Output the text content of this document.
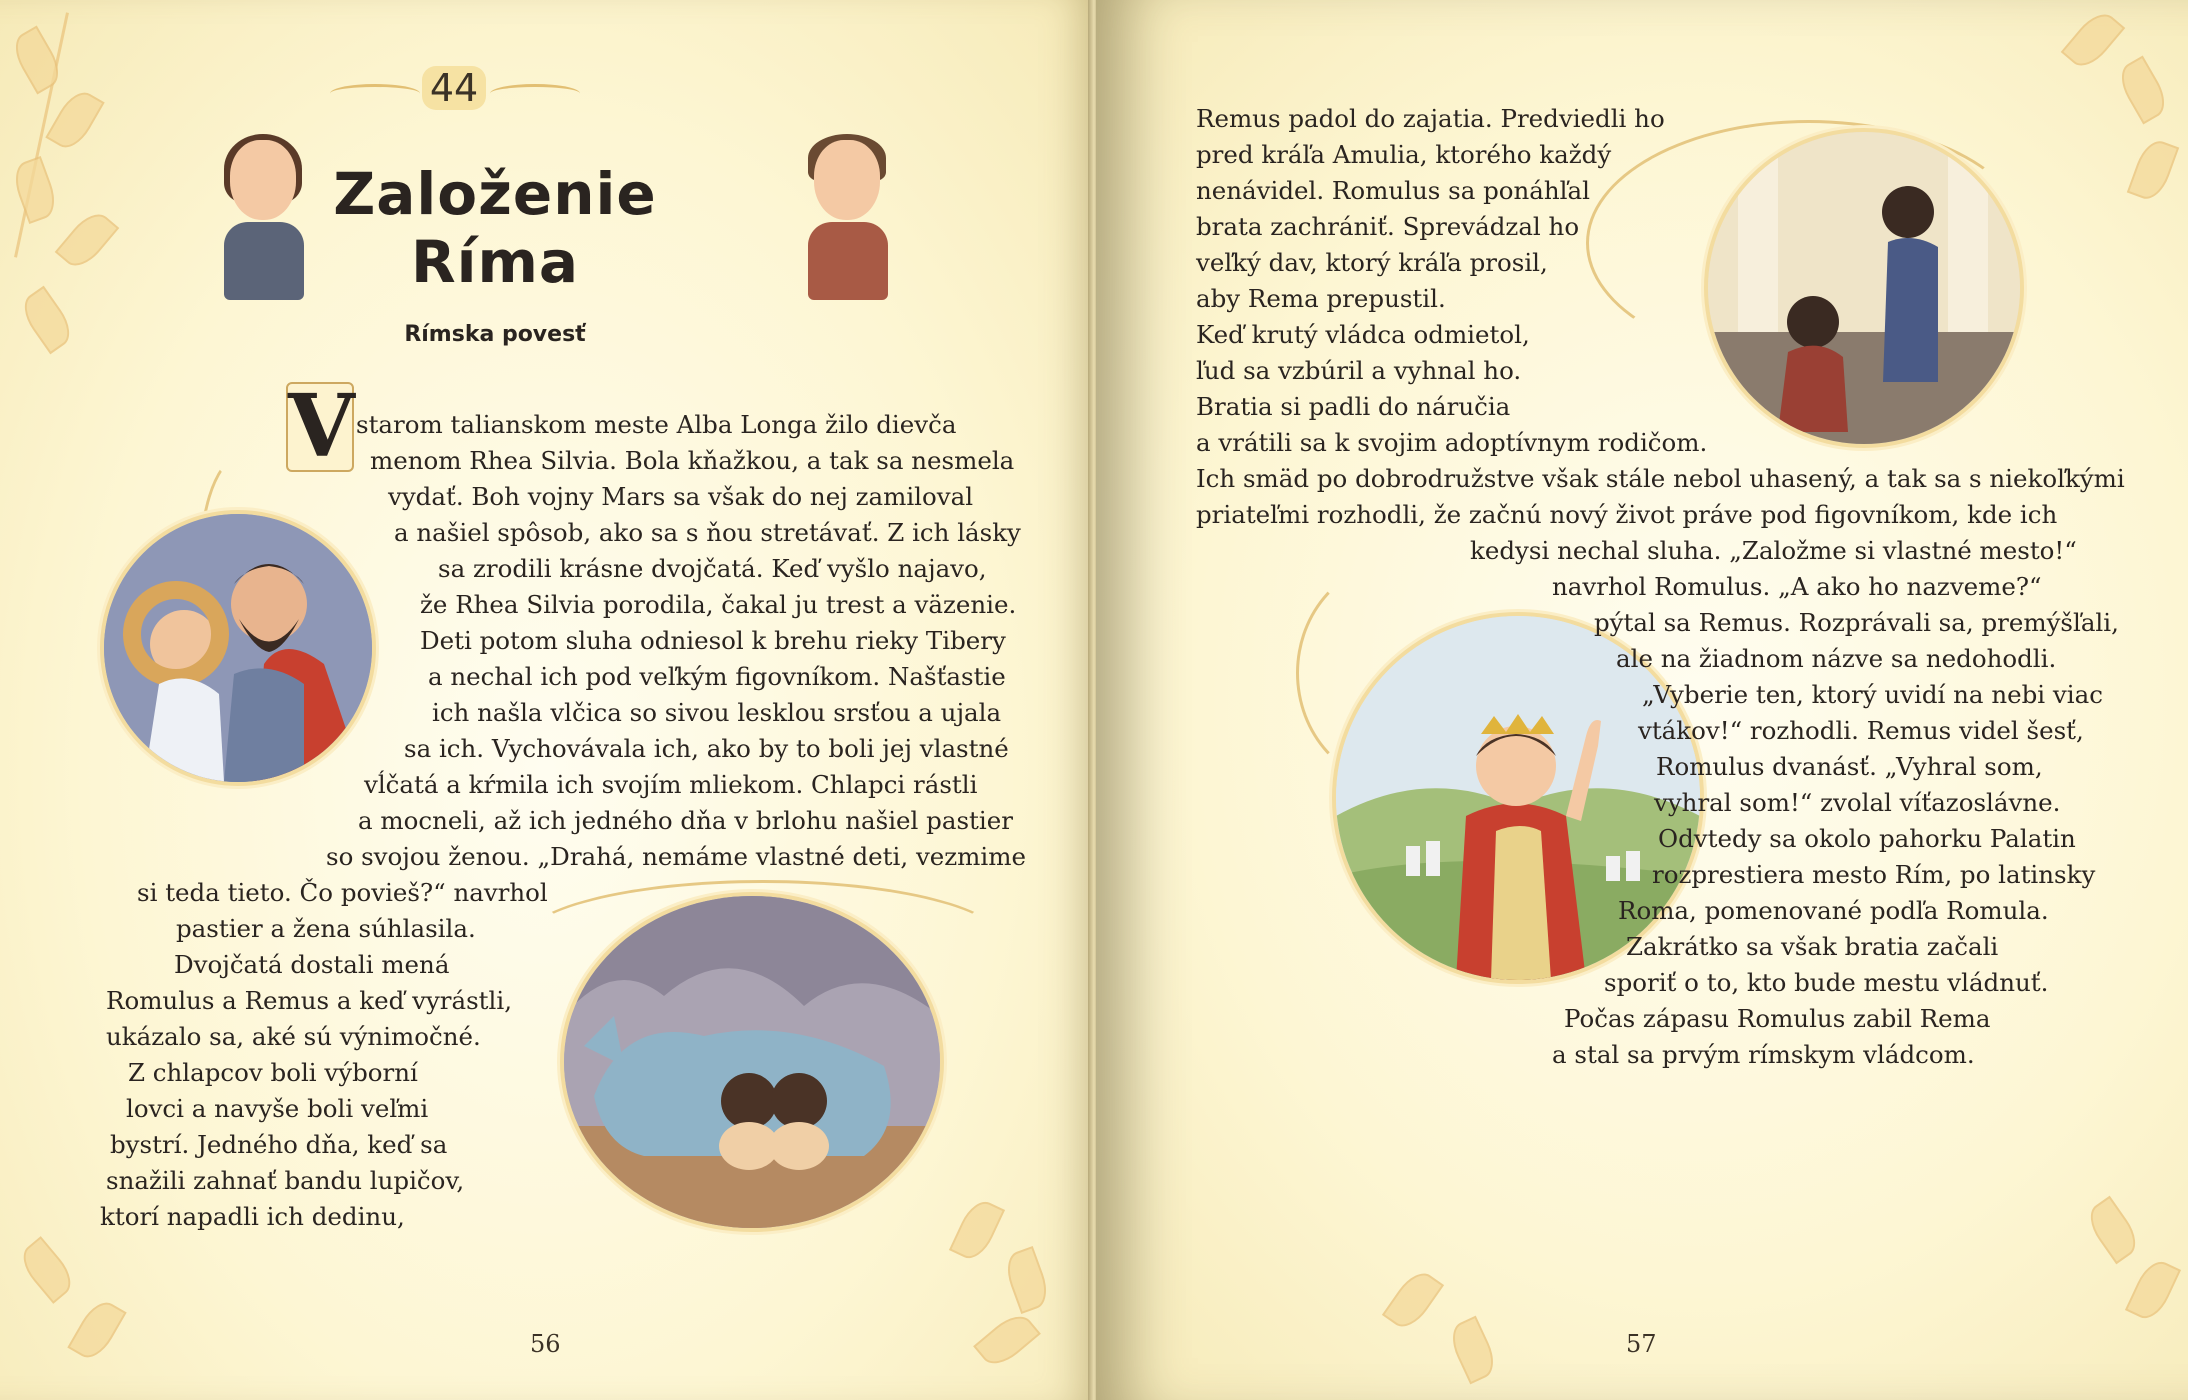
44
Založenie
Ríma
Rímska povesť
V starom talianskom meste Alba Longa žilo dievča
menom Rhea Silvia. Bola kňažkou, a tak sa nesmela
vydať. Boh vojny Mars sa však do nej zamiloval
a našiel spôsob, ako sa s ňou stretávať. Z ich lásky
sa zrodili krásne dvojčatá. Keď vyšlo najavo,
že Rhea Silvia porodila, čakal ju trest a väzenie.
Deti potom sluha odniesol k brehu rieky Tibery
a nechal ich pod veľkým figovníkom. Našťastie
ich našla vlčica so sivou lesklou srsťou a ujala
sa ich. Vychovávala ich, ako by to boli jej vlastné
vĺčatá a kŕmila ich svojím mliekom. Chlapci rástli
a mocneli, až ich jedného dňa v brlohu našiel pastier
so svojou ženou. „Drahá, nemáme vlastné deti, vezmime
si teda tieto. Čo povieš?“ navrhol
pastier a žena súhlasila.
Dvojčatá dostali mená
Romulus a Remus a keď vyrástli,
ukázalo sa, aké sú výnimočné.
Z chlapcov boli výborní
lovci a navyše boli veľmi
bystrí. Jedného dňa, keď sa
snažili zahnať bandu lupičov,
ktorí napadli ich dedinu,
56
Remus padol do zajatia. Predviedli ho
pred kráľa Amulia, ktorého každý
nenávidel. Romulus sa ponáhľal
brata zachrániť. Sprevádzal ho
veľký dav, ktorý kráľa prosil,
aby Rema prepustil.
Keď krutý vládca odmietol,
ľud sa vzbúril a vyhnal ho.
Bratia si padli do náručia
a vrátili sa k svojim adoptívnym rodičom.
Ich smäd po dobrodružstve však stále nebol uhasený, a tak sa s niekoľkými
priateľmi rozhodli, že začnú nový život práve pod figovníkom, kde ich
kedysi nechal sluha. „Založme si vlastné mesto!“
navrhol Romulus. „A ako ho nazveme?“
pýtal sa Remus. Rozprávali sa, premýšľali,
ale na žiadnom názve sa nedohodli.
„Vyberie ten, ktorý uvidí na nebi viac
vtákov!“ rozhodli. Remus videl šesť,
Romulus dvanásť. „Vyhral som,
vyhral som!“ zvolal víťazoslávne.
Odvtedy sa okolo pahorku Palatin
rozprestiera mesto Rím, po latinsky
Roma, pomenované podľa Romula.
Zakrátko sa však bratia začali
sporiť o to, kto bude mestu vládnuť.
Počas zápasu Romulus zabil Rema
a stal sa prvým rímskym vládcom.
57
